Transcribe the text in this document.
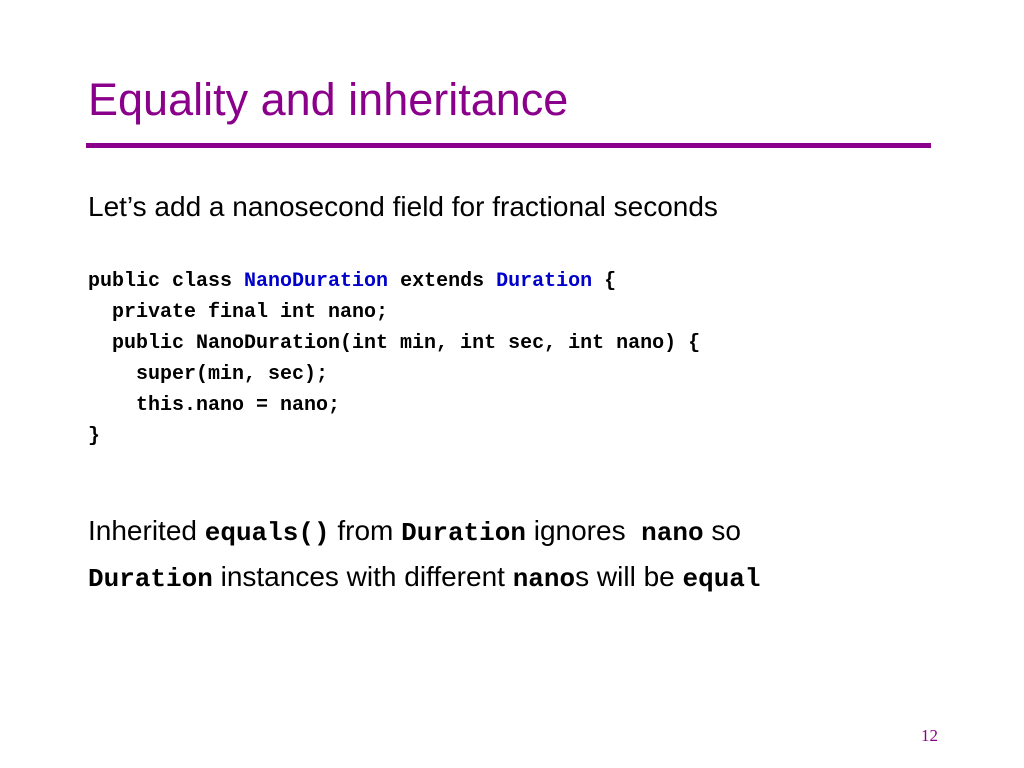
Equality and inheritance
Let’s add a nanosecond field for fractional seconds
public class NanoDuration extends Duration {
private final int nano;
public NanoDuration(int min, int sec, int nano) {
super(min, sec);
this.nano = nano;
}
Inherited equals() from Duration ignores  nano so
Duration instances with different nanos will be equal
12
